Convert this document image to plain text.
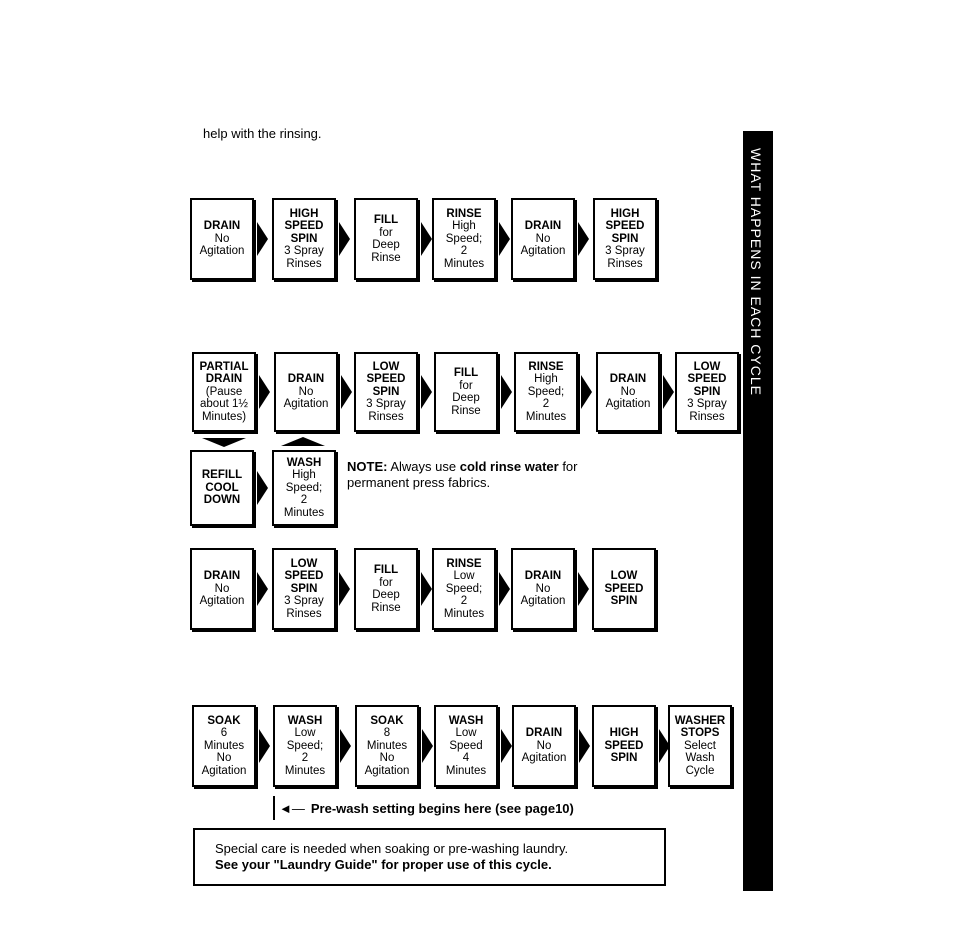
help with the rinsing.
DRAIN
No
Agitation
HIGH
SPEED
SPIN
3 Spray
Rinses
FILL
for
Deep
Rinse
RINSE
High
Speed;
2
Minutes
DRAIN
No
Agitation
HIGH
SPEED
SPIN
3 Spray
Rinses
PARTIAL
DRAIN
(Pause
about 1½
Minutes)
DRAIN
No
Agitation
LOW
SPEED
SPIN
3 Spray
Rinses
FILL
for
Deep
Rinse
RINSE
High
Speed;
2
Minutes
DRAIN
No
Agitation
LOW
SPEED
SPIN
3 Spray
Rinses
REFILL
COOL
DOWN
WASH
High
Speed;
2
Minutes
DRAIN
No
Agitation
LOW
SPEED
SPIN
3 Spray
Rinses
FILL
for
Deep
Rinse
RINSE
Low
Speed;
2
Minutes
DRAIN
No
Agitation
LOW
SPEED
SPIN
SOAK
6
Minutes
No
Agitation
WASH
Low
Speed;
2
Minutes
SOAK
8
Minutes
No
Agitation
WASH
Low
Speed
4
Minutes
DRAIN
No
Agitation
HIGH
SPEED
SPIN
WASHER
STOPS
Select
Wash
Cycle
NOTE: Always use cold rinse water for
permanent press fabrics.
◄— Pre-wash setting begins here (see page10)
Special care is needed when soaking or pre-washing laundry.
See your "Laundry Guide" for proper use of this cycle.
WHAT HAPPENS IN EACH CYCLE
